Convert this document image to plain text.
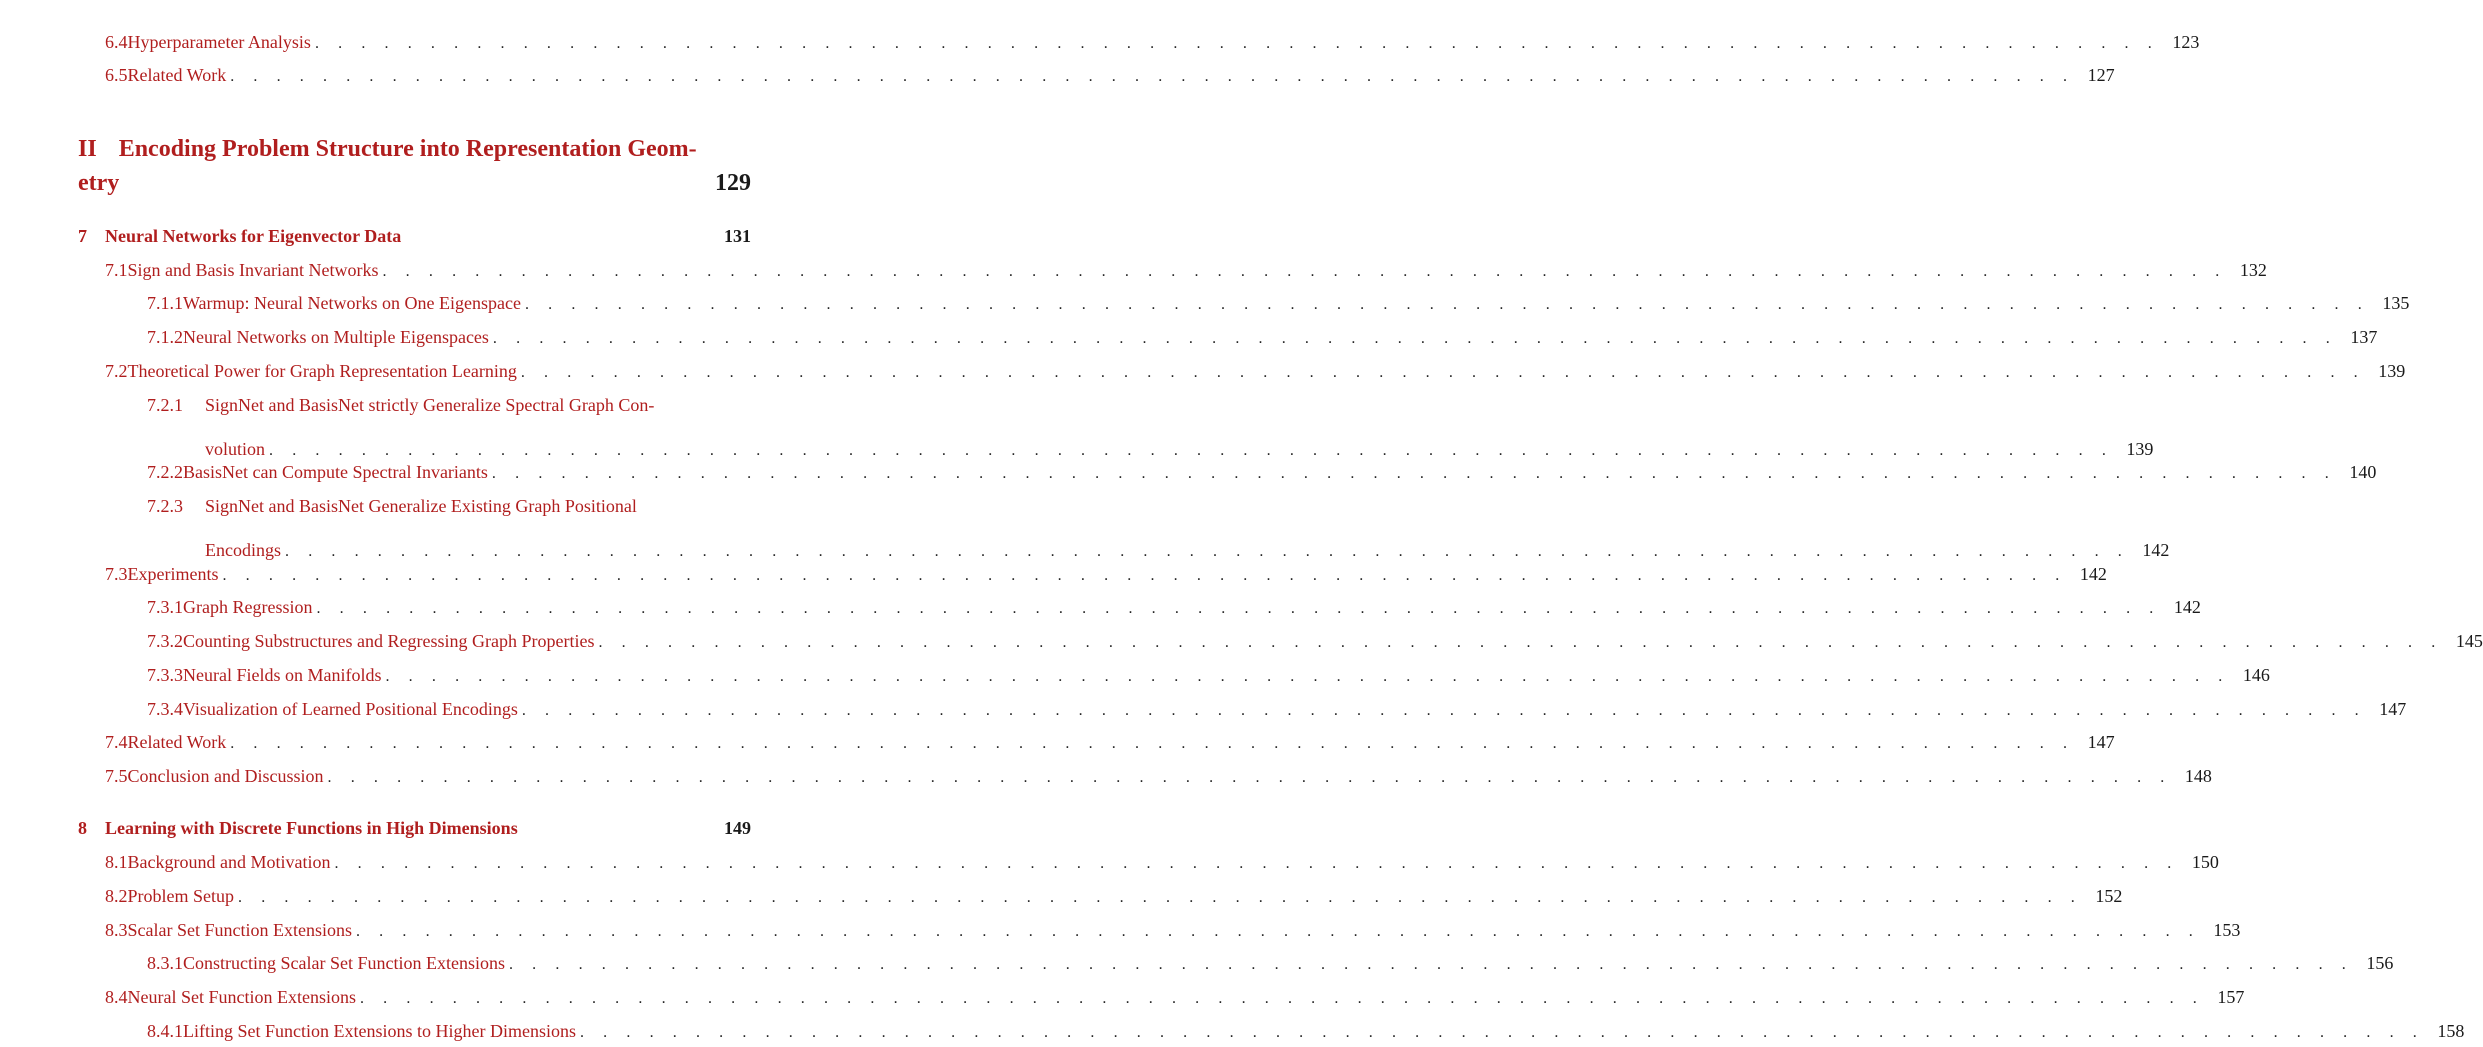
II Encoding Problem Structure into Representation Geom-
etry	129
6.4 Hyperparameter Analysis . . . . . . . . . . . . . . . . . . . . . . . . . . . . . . . . . . . . . . . . . . . . . . . . . . . . . . . . . . . . . . . . . . . . . . . . . . . . . . . . 123
6.5 Related Work . . . . . . . . . . . . . . . . . . . . . . . . . . . . . . . . . . . . . . . . . . . . . . . . . . . . . . . . . . . . . . . . . . . . . . . . . . . . . . . . 127
7	Neural Networks for Eigenvector Data	131
7.1 Sign and Basis Invariant Networks . . . . . . . . . . . . . . . . . . . . . . . . . . . . . . . . . . . . . . . . . . . . . . . . . . . . . . . . . . . . . . . . . . . . . . . . . . . . . . . . 132
7.1.1 Warmup: Neural Networks on One Eigenspace . . . . . . . . . . . . . . . . . . . . . . . . . . . . . . . . . . . . . . . . . . . . . . . . . . . . . . . . . . . . . . . . . . . . . . . . . . . . . . . . 135
7.1.2 Neural Networks on Multiple Eigenspaces . . . . . . . . . . . . . . . . . . . . . . . . . . . . . . . . . . . . . . . . . . . . . . . . . . . . . . . . . . . . . . . . . . . . . . . . . . . . . . . . 137
7.2 Theoretical Power for Graph Representation Learning . . . . . . . . . . . . . . . . . . . . . . . . . . . . . . . . . . . . . . . . . . . . . . . . . . . . . . . . . . . . . . . . . . . . . . . . . . . . . . . . 139
7.2.1	SignNet and BasisNet strictly Generalize Spectral Graph Con-
volution . . . . . . . . . . . . . . . . . . . . . . . . . . . . . . . . . . . . . . . . . . . . . . . . . . . . . . . . . . . . . . . . . . . . . . . . . . . . . . . . 139
7.2.2 BasisNet can Compute Spectral Invariants . . . . . . . . . . . . . . . . . . . . . . . . . . . . . . . . . . . . . . . . . . . . . . . . . . . . . . . . . . . . . . . . . . . . . . . . . . . . . . . . 140
7.2.3	SignNet and BasisNet Generalize Existing Graph Positional
Encodings . . . . . . . . . . . . . . . . . . . . . . . . . . . . . . . . . . . . . . . . . . . . . . . . . . . . . . . . . . . . . . . . . . . . . . . . . . . . . . . . 142
7.3 Experiments . . . . . . . . . . . . . . . . . . . . . . . . . . . . . . . . . . . . . . . . . . . . . . . . . . . . . . . . . . . . . . . . . . . . . . . . . . . . . . . . 142
7.3.1 Graph Regression . . . . . . . . . . . . . . . . . . . . . . . . . . . . . . . . . . . . . . . . . . . . . . . . . . . . . . . . . . . . . . . . . . . . . . . . . . . . . . . . 142
7.3.2 Counting Substructures and Regressing Graph Properties . . . . . . . . . . . . . . . . . . . . . . . . . . . . . . . . . . . . . . . . . . . . . . . . . . . . . . . . . . . . . . . . . . . . . . . . . . . . . . . . 145
7.3.3 Neural Fields on Manifolds . . . . . . . . . . . . . . . . . . . . . . . . . . . . . . . . . . . . . . . . . . . . . . . . . . . . . . . . . . . . . . . . . . . . . . . . . . . . . . . . 146
7.3.4 Visualization of Learned Positional Encodings . . . . . . . . . . . . . . . . . . . . . . . . . . . . . . . . . . . . . . . . . . . . . . . . . . . . . . . . . . . . . . . . . . . . . . . . . . . . . . . . 147
7.4 Related Work . . . . . . . . . . . . . . . . . . . . . . . . . . . . . . . . . . . . . . . . . . . . . . . . . . . . . . . . . . . . . . . . . . . . . . . . . . . . . . . . 147
7.5 Conclusion and Discussion . . . . . . . . . . . . . . . . . . . . . . . . . . . . . . . . . . . . . . . . . . . . . . . . . . . . . . . . . . . . . . . . . . . . . . . . . . . . . . . . 148
8	Learning with Discrete Functions in High Dimensions	149
8.1 Background and Motivation . . . . . . . . . . . . . . . . . . . . . . . . . . . . . . . . . . . . . . . . . . . . . . . . . . . . . . . . . . . . . . . . . . . . . . . . . . . . . . . . 150
8.2 Problem Setup . . . . . . . . . . . . . . . . . . . . . . . . . . . . . . . . . . . . . . . . . . . . . . . . . . . . . . . . . . . . . . . . . . . . . . . . . . . . . . . . 152
8.3 Scalar Set Function Extensions . . . . . . . . . . . . . . . . . . . . . . . . . . . . . . . . . . . . . . . . . . . . . . . . . . . . . . . . . . . . . . . . . . . . . . . . . . . . . . . . 153
8.3.1 Constructing Scalar Set Function Extensions . . . . . . . . . . . . . . . . . . . . . . . . . . . . . . . . . . . . . . . . . . . . . . . . . . . . . . . . . . . . . . . . . . . . . . . . . . . . . . . . 156
8.4 Neural Set Function Extensions . . . . . . . . . . . . . . . . . . . . . . . . . . . . . . . . . . . . . . . . . . . . . . . . . . . . . . . . . . . . . . . . . . . . . . . . . . . . . . . . 157
8.4.1 Lifting Set Function Extensions to Higher Dimensions . . . . . . . . . . . . . . . . . . . . . . . . . . . . . . . . . . . . . . . . . . . . . . . . . . . . . . . . . . . . . . . . . . . . . . . . . . . . . . . . 158
